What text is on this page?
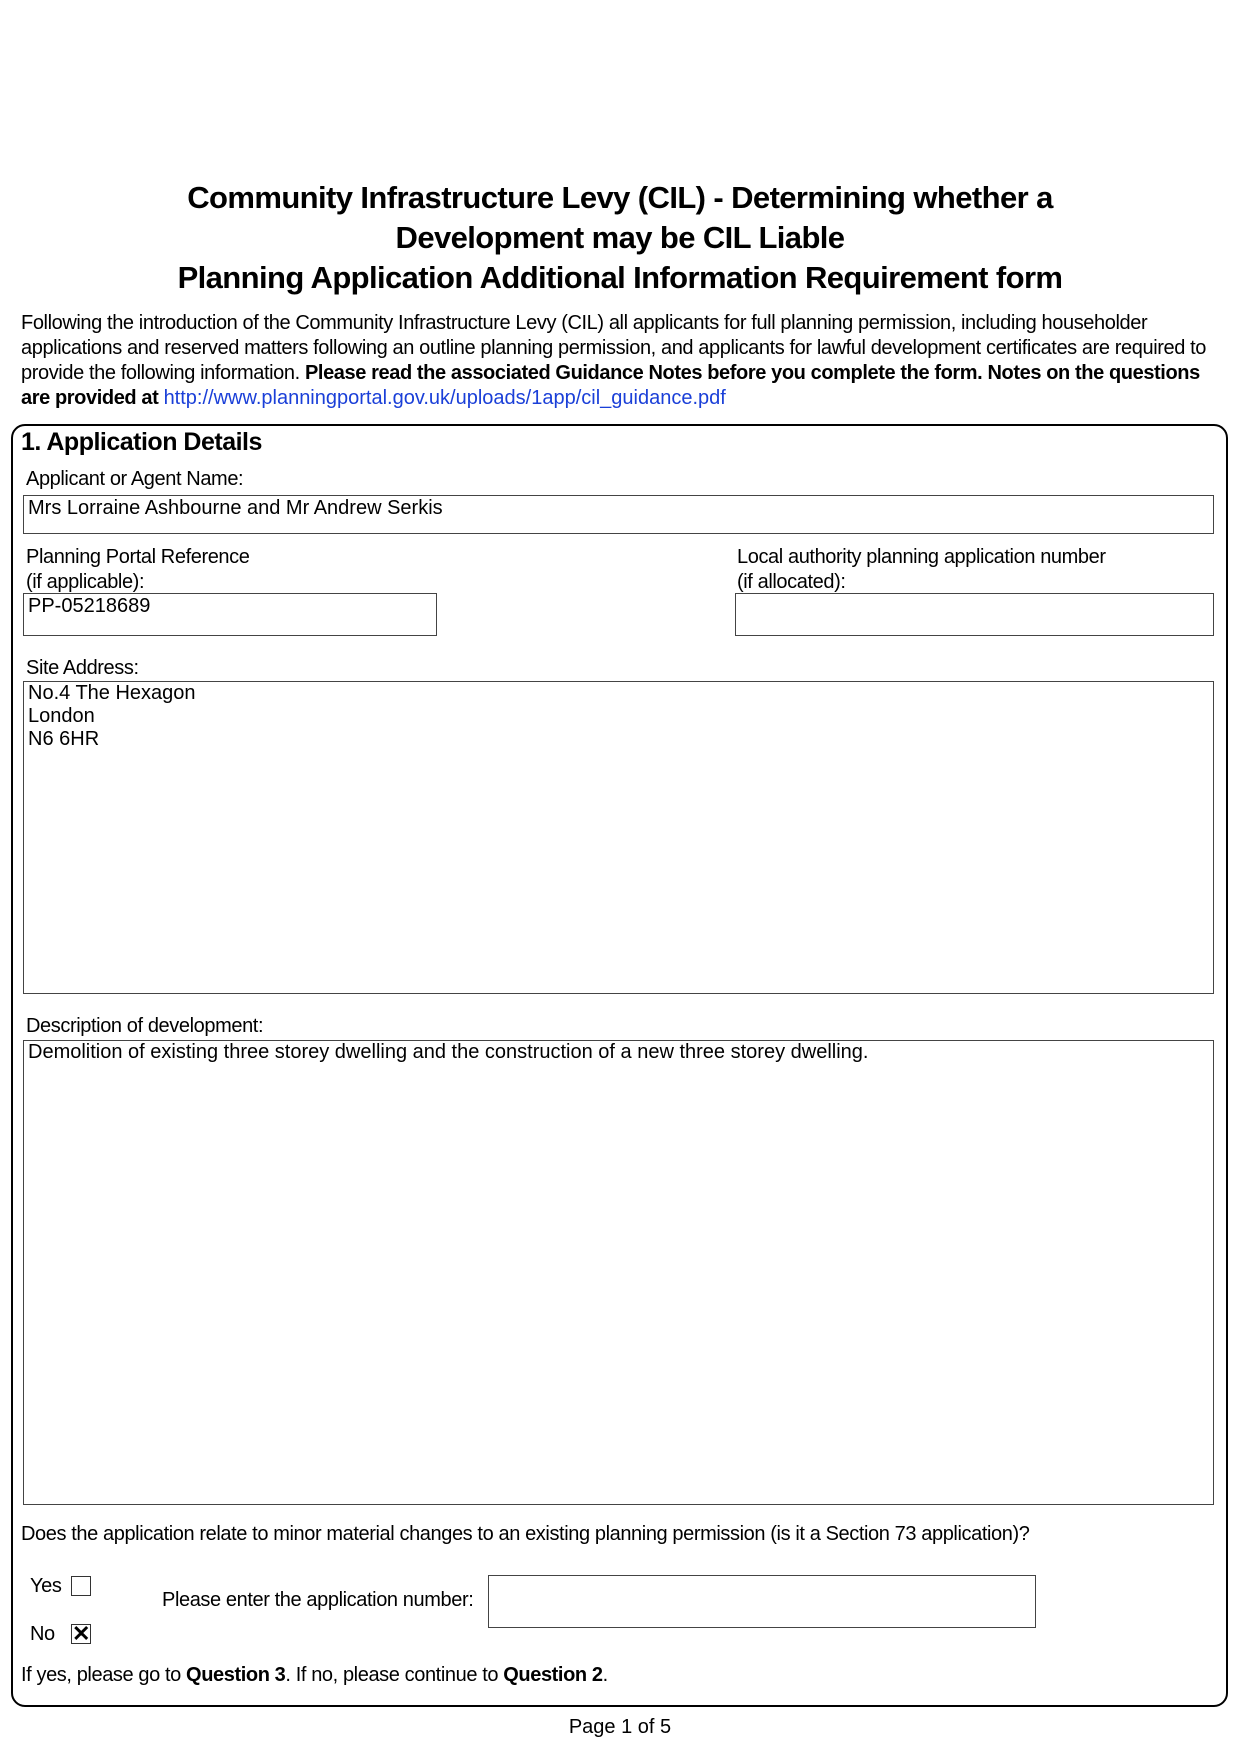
Community Infrastructure Levy (CIL) - Determining whether a
Development may be CIL Liable
Planning Application Additional Information Requirement form
Following the introduction of the Community Infrastructure Levy (CIL) all applicants for full planning permission, including householder applications and reserved matters following an outline planning permission, and applicants for lawful development certificates are required to provide the following information. Please read the associated Guidance Notes before you complete the form. Notes on the questions are provided at http://www.planningportal.gov.uk/uploads/1app/cil_guidance.pdf
1. Application Details
Applicant or Agent Name:
Mrs Lorraine Ashbourne and Mr Andrew Serkis
Planning Portal Reference
(if applicable):
PP-05218689
Local authority planning application number
(if allocated):
Site Address:
No.4 The Hexagon
London
N6 6HR
Description of development:
Demolition of existing three storey dwelling and the construction of a new three storey dwelling.
Does the application relate to minor material changes to an existing planning permission (is it a Section 73 application)?
Yes
No ✕
Please enter the application number:
If yes, please go to Question 3. If no, please continue to Question 2.
Page 1 of 5
